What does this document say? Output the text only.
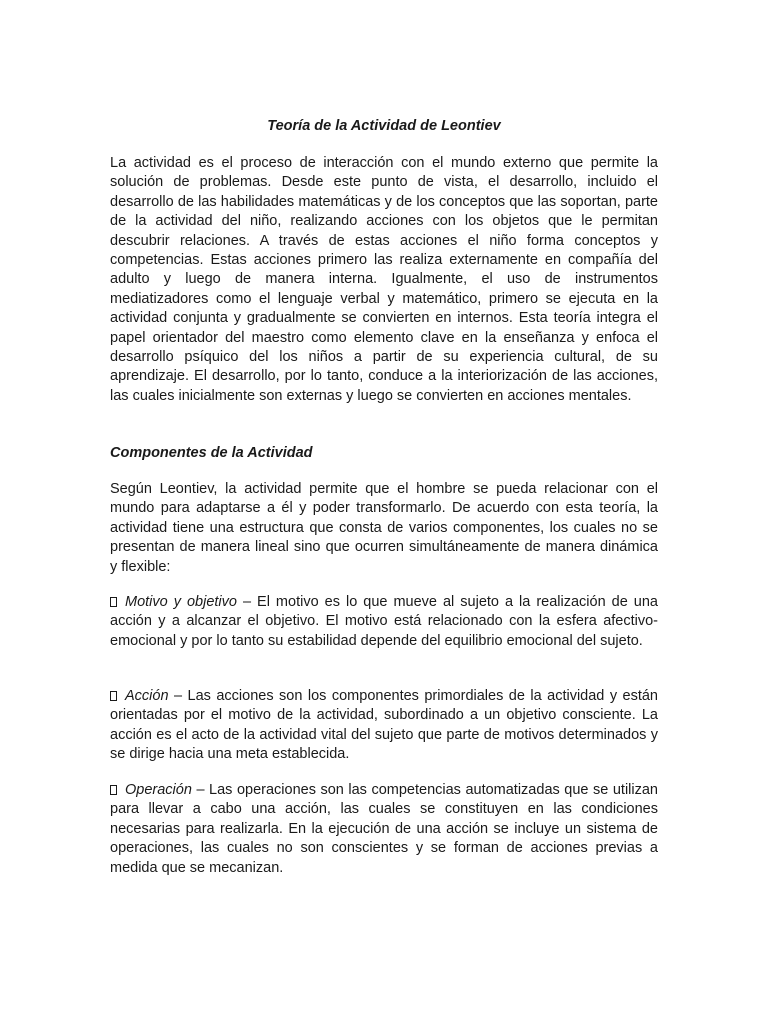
Teoría de la Actividad de Leontiev

La actividad es el proceso de interacción con el mundo externo que permite la solución de problemas. Desde este punto de vista, el desarrollo, incluido el desarrollo de las habilidades matemáticas y de los conceptos que las soportan, parte de la actividad del niño, realizando acciones con los objetos que le permitan descubrir relaciones. A través de estas acciones el niño forma conceptos y competencias. Estas acciones primero las realiza externamente en compañía del adulto y luego de manera interna. Igualmente, el uso de instrumentos mediatizadores como el lenguaje verbal y matemático, primero se ejecuta en la actividad conjunta y gradualmente se convierten en internos. Esta teoría integra el papel orientador del maestro como elemento clave en la enseñanza y enfoca el desarrollo psíquico del los niños a partir de su experiencia cultural, de su aprendizaje. El desarrollo, por lo tanto, conduce a la interiorización de las acciones, las cuales inicialmente son externas y luego se convierten en acciones mentales.

Componentes de la Actividad

Según Leontiev, la actividad permite que el hombre se pueda relacionar con el mundo para adaptarse a él y poder transformarlo. De acuerdo con esta teoría, la actividad tiene una estructura que consta de varios componentes, los cuales no se presentan de manera lineal sino que ocurren simultáneamente de manera dinámica y flexible:

Motivo y objetivo – El motivo es lo que mueve al sujeto a la realización de una acción y a alcanzar el objetivo. El motivo está relacionado con la esfera afectivo-emocional y por lo tanto su estabilidad depende del equilibrio emocional del sujeto.

Acción – Las acciones son los componentes primordiales de la actividad y están orientadas por el motivo de la actividad, subordinado a un objetivo consciente. La acción es el acto de la actividad vital del sujeto que parte de motivos determinados y se dirige hacia una meta establecida.

Operación – Las operaciones son las competencias automatizadas que se utilizan para llevar a cabo una acción, las cuales se constituyen en las condiciones necesarias para realizarla. En la ejecución de una acción se incluye un sistema de operaciones, las cuales no son conscientes y se forman de acciones previas a medida que se mecanizan.
